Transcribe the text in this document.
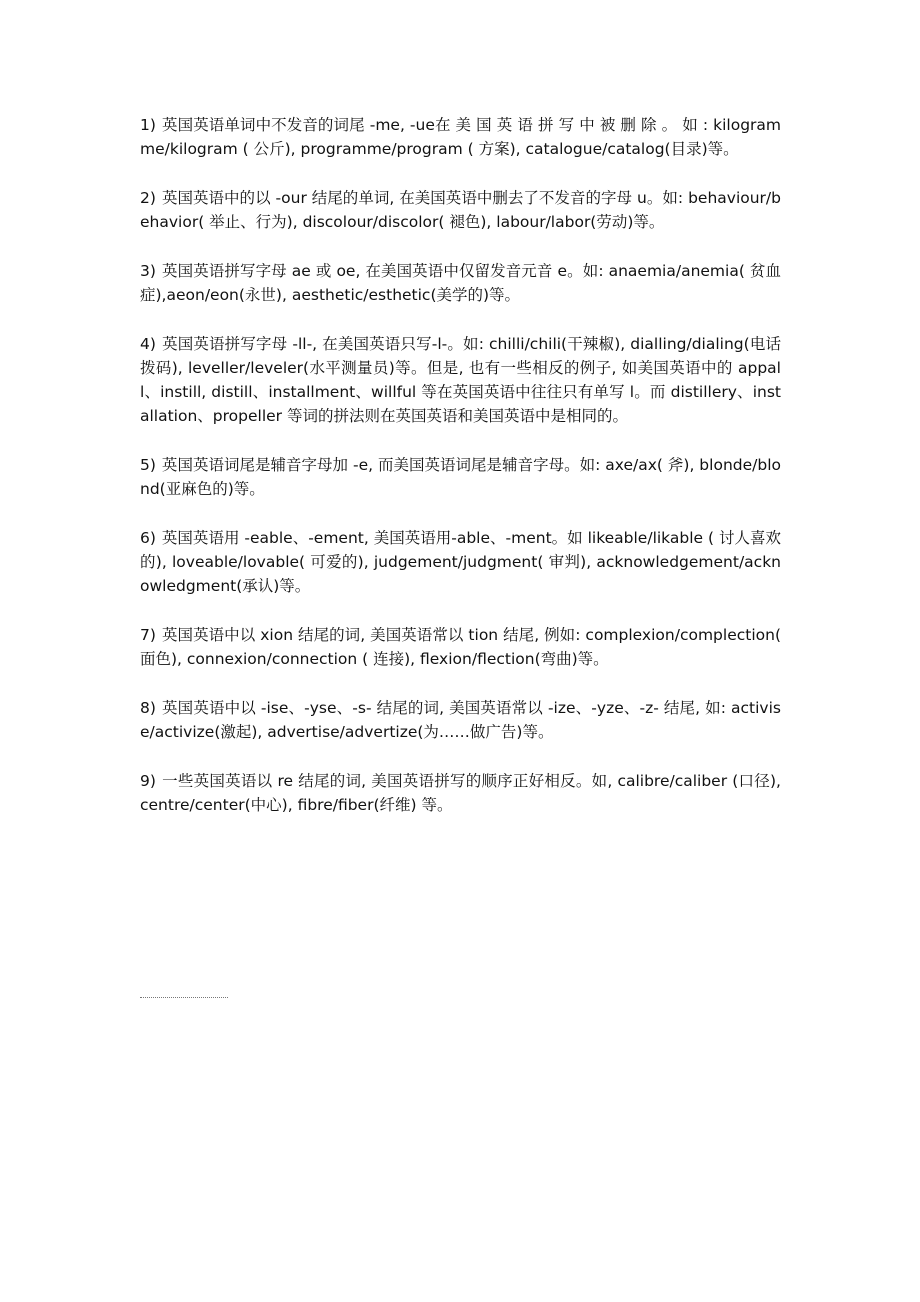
1) 英国英语单词中不发音的词尾 -me, -ue在 美 国 英 语 拼 写 中 被 删 除 。 如 : kilogramme/kilogram ( 公斤), programme/program ( 方案), catalogue/catalog(目录)等。

2) 英国英语中的以 -our 结尾的单词, 在美国英语中删去了不发音的字母 u。如: behaviour/behavior( 举止、行为), discolour/discolor( 褪色), labour/labor(劳动)等。

3) 英国英语拼写字母 ae 或 oe, 在美国英语中仅留发音元音 e。如: anaemia/anemia( 贫血症),aeon/eon(永世), aesthetic/esthetic(美学的)等。

4) 英国英语拼写字母 -ll-, 在美国英语只写-l-。如: chilli/chili(干辣椒), dialling/dialing(电话拨码), leveller/leveler(水平测量员)等。但是, 也有一些相反的例子, 如美国英语中的 appall、instill, distill、installment、willful 等在英国英语中往往只有单写 l。而 distillery、installation、propeller 等词的拼法则在英国英语和美国英语中是相同的。

5) 英国英语词尾是辅音字母加 -e, 而美国英语词尾是辅音字母。如: axe/ax( 斧), blonde/blond(亚麻色的)等。

6) 英国英语用 -eable、-ement, 美国英语用-able、-ment。如 likeable/likable ( 讨人喜欢的), loveable/lovable( 可爱的), judgement/judgment( 审判), acknowledgement/acknowledgment(承认)等。

7) 英国英语中以 xion 结尾的词, 美国英语常以 tion 结尾, 例如: complexion/complection( 面色), connexion/connection ( 连接), flexion/flection(弯曲)等。

8) 英国英语中以 -ise、-yse、-s- 结尾的词, 美国英语常以 -ize、-yze、-z- 结尾, 如: activise/activize(激起), advertise/advertize(为……做广告)等。

9) 一些英国英语以 re 结尾的词, 美国英语拼写的顺序正好相反。如, calibre/caliber (口径), centre/center(中心), fibre/fiber(纤维) 等。
